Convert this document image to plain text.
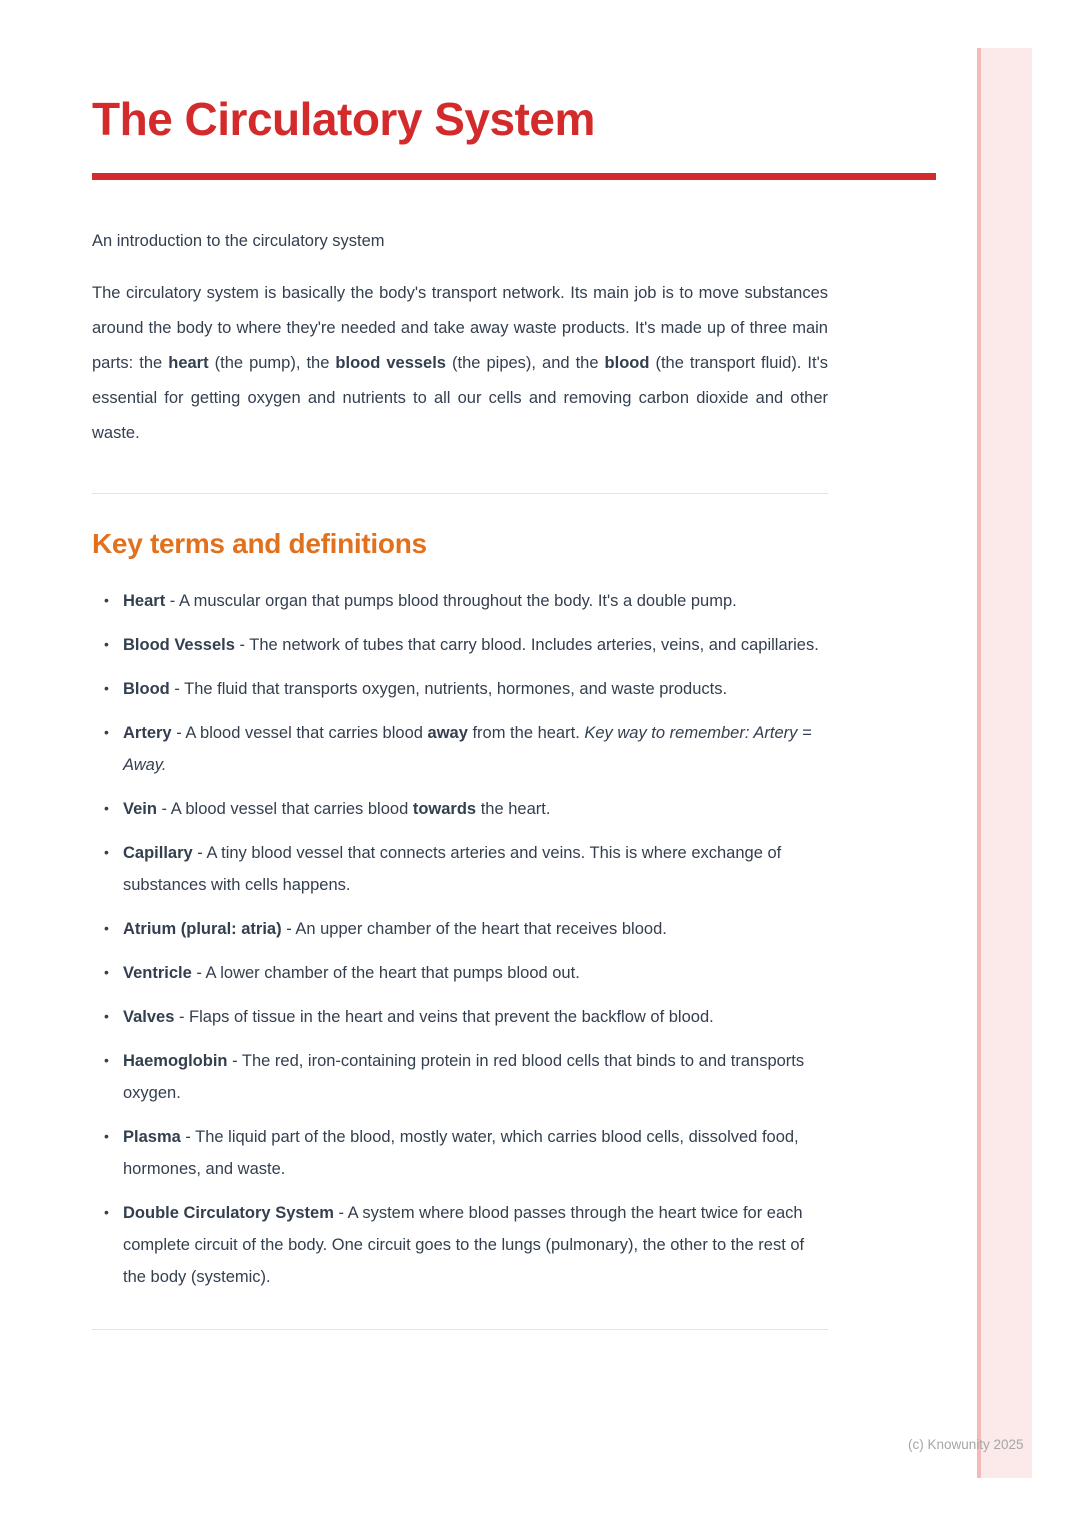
The Circulatory System

An introduction to the circulatory system

The circulatory system is basically the body's transport network. Its main job is to move substances around the body to where they're needed and take away waste products. It's made up of three main parts: the heart (the pump), the blood vessels (the pipes), and the blood (the transport fluid). It's essential for getting oxygen and nutrients to all our cells and removing carbon dioxide and other waste.

Key terms and definitions
• Heart - A muscular organ that pumps blood throughout the body. It's a double pump.
• Blood Vessels - The network of tubes that carry blood. Includes arteries, veins, and capillaries.
• Blood - The fluid that transports oxygen, nutrients, hormones, and waste products.
• Artery - A blood vessel that carries blood away from the heart. Key way to remember: Artery = Away.
• Vein - A blood vessel that carries blood towards the heart.
• Capillary - A tiny blood vessel that connects arteries and veins. This is where exchange of substances with cells happens.
• Atrium (plural: atria) - An upper chamber of the heart that receives blood.
• Ventricle - A lower chamber of the heart that pumps blood out.
• Valves - Flaps of tissue in the heart and veins that prevent the backflow of blood.
• Haemoglobin - The red, iron-containing protein in red blood cells that binds to and transports oxygen.
• Plasma - The liquid part of the blood, mostly water, which carries blood cells, dissolved food, hormones, and waste.
• Double Circulatory System - A system where blood passes through the heart twice for each complete circuit of the body. One circuit goes to the lungs (pulmonary), the other to the rest of the body (systemic).
(c) Knowunity 2025
